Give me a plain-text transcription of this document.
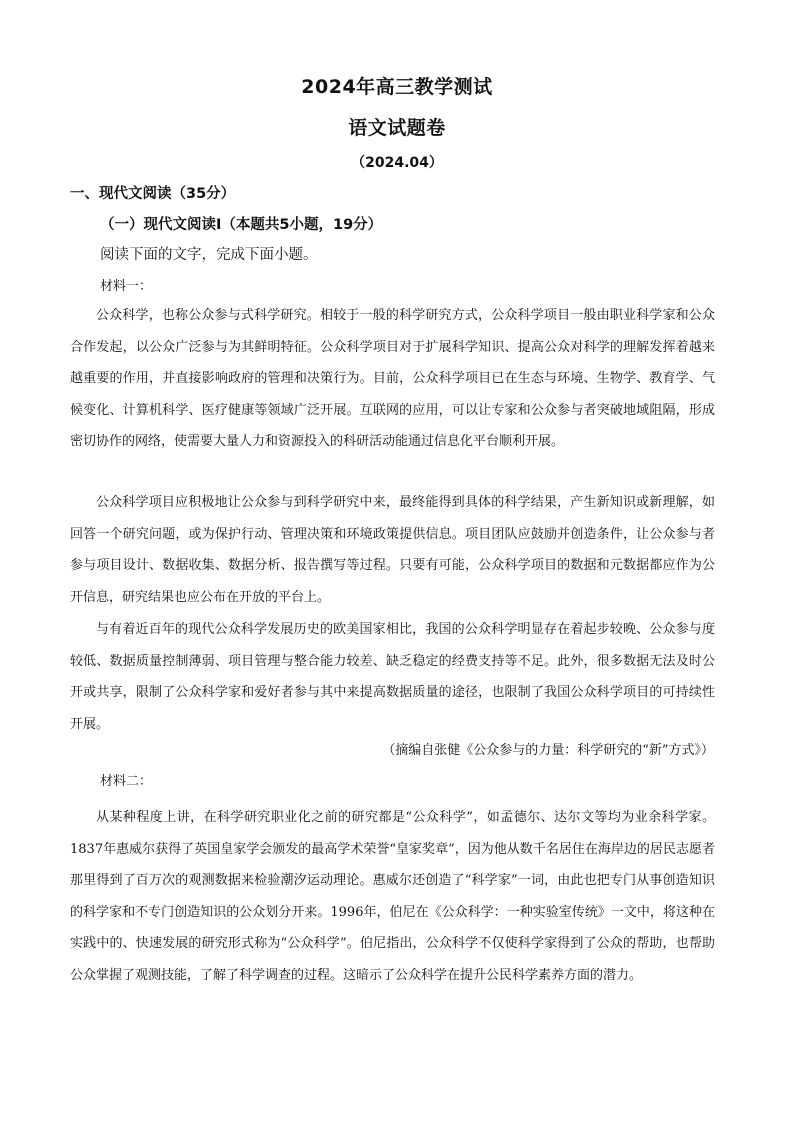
2024年高三教学测试
语文试题卷
（2024.04）
一、现代文阅读（35分）
（一）现代文阅读Ⅰ（本题共5小题，19分）
阅读下面的文字，完成下面小题。
材料一：

公众科学，也称公众参与式科学研究。相较于一般的科学研究方式，公众科学项目一般由职业科学家和公众合作发起，以公众广泛参与为其鲜明特征。公众科学项目对于扩展科学知识、提高公众对科学的理解发挥着越来越重要的作用，并直接影响政府的管理和决策行为。目前，公众科学项目已在生态与环境、生物学、教育学、气候变化、计算机科学、医疗健康等领域广泛开展。互联网的应用，可以让专家和公众参与者突破地域阻隔，形成密切协作的网络，使需要大量人力和资源投入的科研活动能通过信息化平台顺利开展。

公众科学项目应积极地让公众参与到科学研究中来，最终能得到具体的科学结果，产生新知识或新理解，如回答一个研究问题，或为保护行动、管理决策和环境政策提供信息。项目团队应鼓励并创造条件，让公众参与者参与项目设计、数据收集、数据分析、报告撰写等过程。只要有可能，公众科学项目的数据和元数据都应作为公开信息，研究结果也应公布在开放的平台上。

与有着近百年的现代公众科学发展历史的欧美国家相比，我国的公众科学明显存在着起步较晚、公众参与度较低、数据质量控制薄弱、项目管理与整合能力较差、缺乏稳定的经费支持等不足。此外，很多数据无法及时公开或共享，限制了公众科学家和爱好者参与其中来提高数据质量的途径，也限制了我国公众科学项目的可持续性开展。

（摘编自张健《公众参与的力量：科学研究的“新”方式》）
材料二：

从某种程度上讲，在科学研究职业化之前的研究都是“公众科学”，如孟德尔、达尔文等均为业余科学家。1837年惠威尔获得了英国皇家学会颁发的最高学术荣誉“皇家奖章”，因为他从数千名居住在海岸边的居民志愿者那里得到了百万次的观测数据来检验潮汐运动理论。惠威尔还创造了“科学家”一词，由此也把专门从事创造知识的科学家和不专门创造知识的公众划分开来。1996年，伯尼在《公众科学：一种实验室传统》一文中，将这种在实践中的、快速发展的研究形式称为“公众科学”。伯尼指出，公众科学不仅使科学家得到了公众的帮助，也帮助公众掌握了观测技能，了解了科学调查的过程。这暗示了公众科学在提升公民科学素养方面的潜力。
